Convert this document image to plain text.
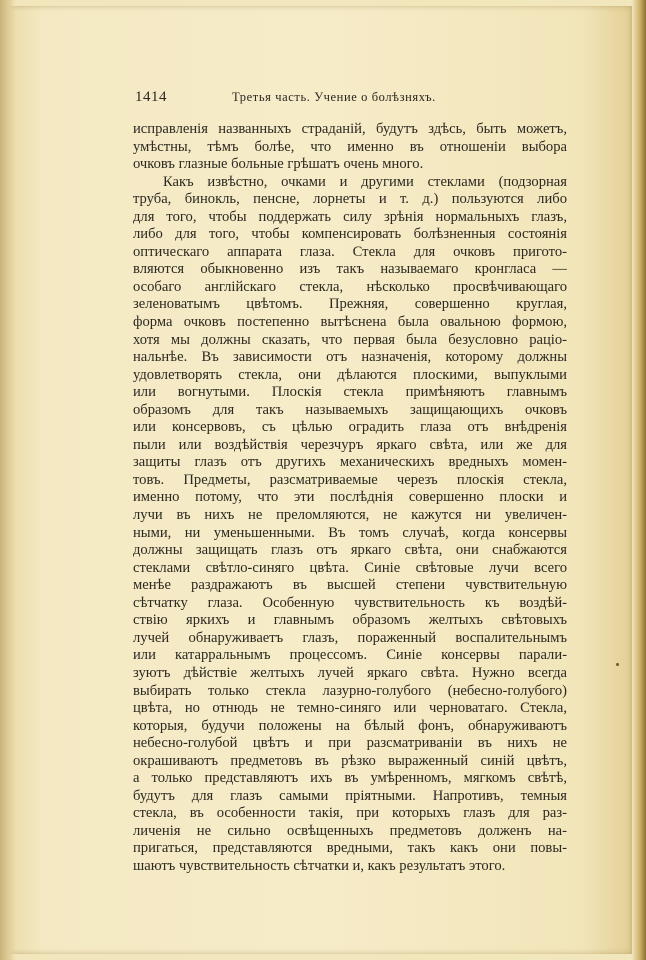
1414	Третья часть. Учение о болѣзняхъ.
исправленія названныхъ страданій, будутъ здѣсь, быть можетъ,
умѣстны, тѣмъ болѣе, что именно въ отношеніи выбора
очковъ глазные больные грѣшатъ очень много.
Какъ извѣстно, очками и другими стеклами (подзорная
труба, бинокль, пенсне, лорнеты и т. д.) пользуются либо
для того, чтобы поддержать силу зрѣнія нормальныхъ глазъ,
либо для того, чтобы компенсировать болѣзненныя состоянія
оптическаго аппарата глаза. Стекла для очковъ пригото-
вляются обыкновенно изъ такъ называемаго кронгласа —
особаго англійскаго стекла, нѣсколько просвѣчивающаго
зеленоватымъ цвѣтомъ. Прежняя, совершенно круглая,
форма очковъ постепенно вытѣснена была овальною формою,
хотя мы должны сказать, что первая была безусловно раціо-
нальнѣе. Въ зависимости отъ назначенія, которому должны
удовлетворять стекла, они дѣлаются плоскими, выпуклыми
или вогнутыми. Плоскія стекла примѣняютъ главнымъ
образомъ для такъ называемыхъ защищающихъ очковъ
или консервовъ, съ цѣлью оградить глаза отъ внѣдренія
пыли или воздѣйствія черезчуръ яркаго свѣта, или же для
защиты глазъ отъ другихъ механическихъ вредныхъ момен-
товъ. Предметы, разсматриваемые черезъ плоскія стекла,
именно потому, что эти послѣднія совершенно плоски и
лучи въ нихъ не преломляются, не кажутся ни увеличен-
ными, ни уменьшенными. Въ томъ случаѣ, когда консервы
должны защищать глазъ отъ яркаго свѣта, они снабжаются
стеклами свѣтло-синяго цвѣта. Синіе свѣтовые лучи всего
менѣе раздражаютъ въ высшей степени чувствительную
сѣтчатку глаза. Особенную чувствительность къ воздѣй-
ствію яркихъ и главнымъ образомъ желтыхъ свѣтовыхъ
лучей обнаруживаетъ глазъ, пораженный воспалительнымъ
или катарральнымъ процессомъ. Синіе консервы парали-
зуютъ дѣйствіе желтыхъ лучей яркаго свѣта. Нужно всегда
выбирать только стекла лазурно-голубого (небесно-голубого)
цвѣта, но отнюдь не темно-синяго или черноватаго. Стекла,
которыя, будучи положены на бѣлый фонъ, обнаруживаютъ
небесно-голубой цвѣтъ и при разсматриваніи въ нихъ не
окрашиваютъ предметовъ въ рѣзко выраженный синій цвѣтъ,
а только представляютъ ихъ въ умѣренномъ, мягкомъ свѣтѣ,
будутъ для глазъ самыми пріятными. Напротивъ, темныя
стекла, въ особенности такія, при которыхъ глазъ для раз-
личенія не сильно освѣщенныхъ предметовъ долженъ на-
пригаться, представляются вредными, такъ какъ они повы-
шаютъ чувствительность сѣтчатки и, какъ результатъ этого.
